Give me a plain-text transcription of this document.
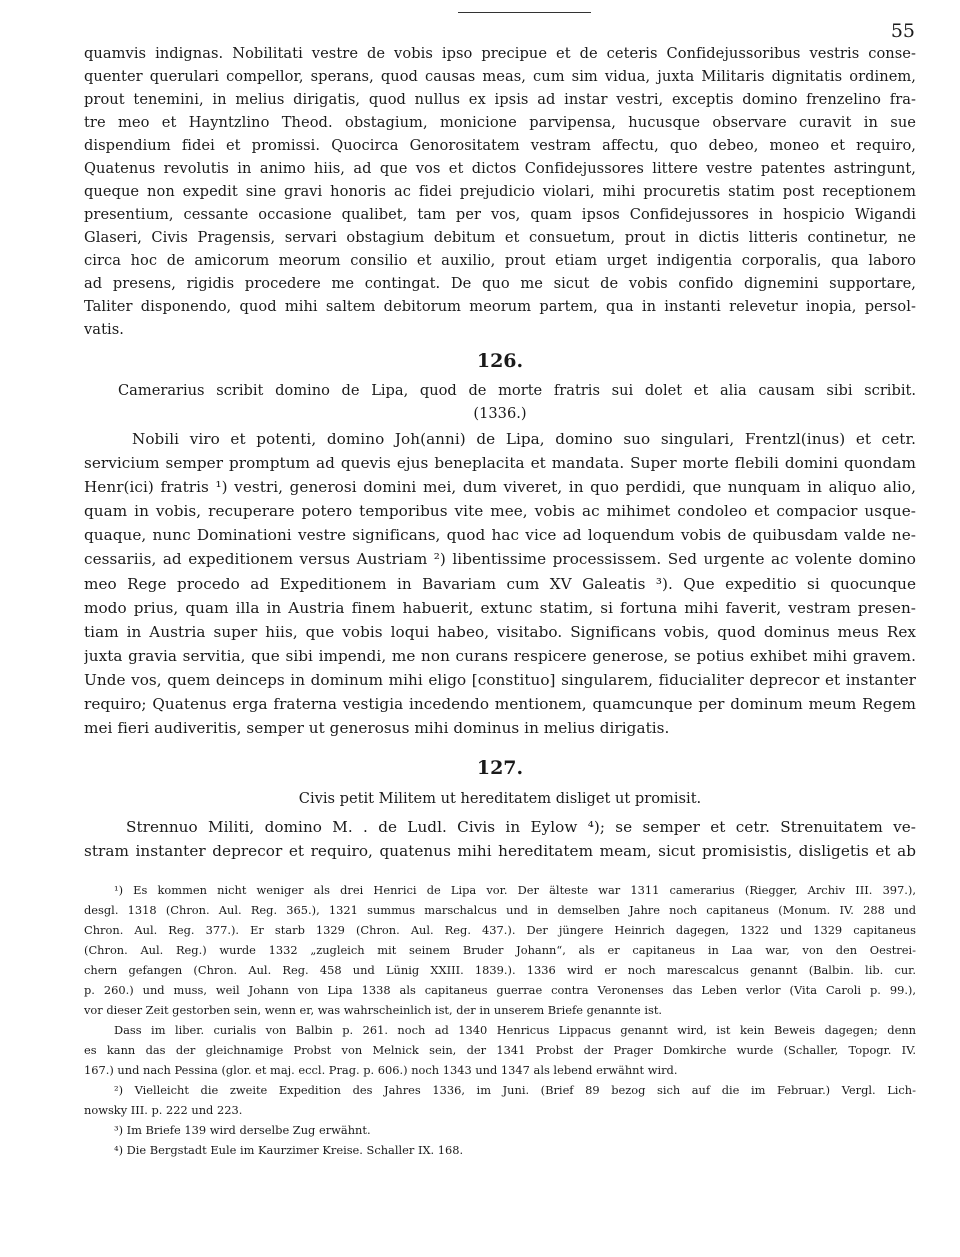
55
quamvis indignas. Nobilitati vestre de vobis ipso precipue et de ceteris Confidejussoribus vestris conse-
quenter querulari compellor, sperans, quod causas meas, cum sim vidua, juxta Militaris dignitatis ordinem,
prout tenemini, in melius dirigatis, quod nullus ex ipsis ad instar vestri, exceptis domino frenzelino fra-
tre meo et Hayntzlino Theod. obstagium, monicione parvipensa, hucusque observare curavit in sue
dispendium fidei et promissi. Quocirca Genorositatem vestram affectu, quo debeo, moneo et requiro,
Quatenus revolutis in animo hiis, ad que vos et dictos Confidejussores littere vestre patentes astringunt,
queque non expedit sine gravi honoris ac fidei prejudicio violari, mihi procuretis statim post receptionem
presentium, cessante occasione qualibet, tam per vos, quam ipsos Confidejussores in hospicio Wigandi
Glaseri, Civis Pragensis, servari obstagium debitum et consuetum, prout in dictis litteris continetur, ne
circa hoc de amicorum meorum consilio et auxilio, prout etiam urget indigentia corporalis, qua laboro
ad presens, rigidis procedere me contingat. De quo me sicut de vobis confido dignemini supportare,
Taliter disponendo, quod mihi saltem debitorum meorum partem, qua in instanti relevetur inopia, persol-
vatis.
126.
Camerarius scribit domino de Lipa, quod de morte fratris sui dolet et alia causam sibi scribit.
(1336.)
Nobili viro et potenti, domino Joh(anni) de Lipa, domino suo singulari, Frentzl(inus) et cetr.
servicium semper promptum ad quevis ejus beneplacita et mandata. Super morte flebili domini quondam
Henr(ici) fratris ¹) vestri, generosi domini mei, dum viveret, in quo perdidi, que nunquam in aliquo alio,
quam in vobis, recuperare potero temporibus vite mee, vobis ac mihimet condoleo et compacior usque-
quaque, nunc Dominationi vestre significans, quod hac vice ad loquendum vobis de quibusdam valde ne-
cessariis, ad expeditionem versus Austriam ²) libentissime processissem. Sed urgente ac volente domino
meo Rege procedo ad Expeditionem in Bavariam cum XV Galeatis ³). Que expeditio si quocunque
modo prius, quam illa in Austria finem habuerit, extunc statim, si fortuna mihi faverit, vestram presen-
tiam in Austria super hiis, que vobis loqui habeo, visitabo. Significans vobis, quod dominus meus Rex
juxta gravia servitia, que sibi impendi, me non curans respicere generose, se potius exhibet mihi gravem.
Unde vos, quem deinceps in dominum mihi eligo [constituo] singularem, fiducialiter deprecor et instanter
requiro; Quatenus erga fraterna vestigia incedendo mentionem, quamcunque per dominum meum Regem
mei fieri audiveritis, semper ut generosus mihi dominus in melius dirigatis.
127.
Civis petit Militem ut hereditatem disliget ut promisit.
Strennuo Militi, domino M. . de Ludl. Civis in Eylow ⁴); se semper et cetr. Strenuitatem ve-
stram instanter deprecor et requiro, quatenus mihi hereditatem meam, sicut promisistis, disligetis et ab
¹) Es kommen nicht weniger als drei Henrici de Lipa vor. Der älteste war 1311 camerarius (Riegger, Archiv III. 397.),
desgl. 1318 (Chron. Aul. Reg. 365.), 1321 summus marschalcus und in demselben Jahre noch capitaneus (Monum. IV. 288 und
Chron. Aul. Reg. 377.). Er starb 1329 (Chron. Aul. Reg. 437.). Der jüngere Heinrich dagegen, 1322 und 1329 capitaneus
(Chron. Aul. Reg.) wurde 1332 „zugleich mit seinem Bruder Johann“, als er capitaneus in Laa war, von den Oestrei-
chern gefangen (Chron. Aul. Reg. 458 und Lünig XXIII. 1839.). 1336 wird er noch marescalcus genannt (Balbin. lib. cur.
p. 260.) und muss, weil Johann von Lipa 1338 als capitaneus guerrae contra Veronenses das Leben verlor (Vita Caroli p. 99.),
vor dieser Zeit gestorben sein, wenn er, was wahrscheinlich ist, der in unserem Briefe genannte ist.
Dass im liber. curialis von Balbin p. 261. noch ad 1340 Henricus Lippacus genannt wird, ist kein Beweis dagegen; denn
es kann das der gleichnamige Probst von Melnick sein, der 1341 Probst der Prager Domkirche wurde (Schaller, Topogr. IV.
167.) und nach Pessina (glor. et maj. eccl. Prag. p. 606.) noch 1343 und 1347 als lebend erwähnt wird.
²) Vielleicht die zweite Expedition des Jahres 1336, im Juni. (Brief 89 bezog sich auf die im Februar.) Vergl. Lich-
nowsky III. p. 222 und 223.
³) Im Briefe 139 wird derselbe Zug erwähnt.
⁴) Die Bergstadt Eule im Kaurzimer Kreise. Schaller IX. 168.
